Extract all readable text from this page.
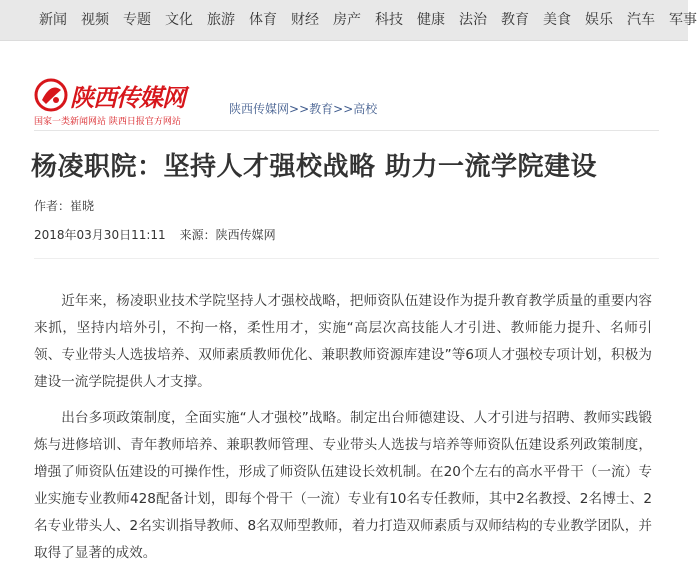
新闻 视频 专题 文化 旅游 体育 财经 房产 科技 健康 法治 教育 美食 娱乐 汽车 军事
陕西传媒网
国家一类新闻网站 陕西日报官方网站
陕西传媒网>>教育>>高校
杨凌职院：坚持人才强校战略 助力一流学院建设
作者：崔晓
2018年03月30日11:11 来源：陕西传媒网

近年来，杨凌职业技术学院坚持人才强校战略，把师资队伍建设作为提升教育教学质量的重要内容来抓，坚持内培外引，不拘一格，柔性用才，实施“高层次高技能人才引进、教师能力提升、名师引领、专业带头人选拔培养、双师素质教师优化、兼职教师资源库建设”等6项人才强校专项计划，积极为建设一流学院提供人才支撑。

出台多项政策制度，全面实施“人才强校”战略。制定出台师德建设、人才引进与招聘、教师实践锻炼与进修培训、青年教师培养、兼职教师管理、专业带头人选拔与培养等师资队伍建设系列政策制度，增强了师资队伍建设的可操作性，形成了师资队伍建设长效机制。在20个左右的高水平骨干（一流）专业实施专业教师428配备计划，即每个骨干（一流）专业有10名专任教师，其中2名教授、2名博士、2名专业带头人、2名实训指导教师、8名双师型教师，着力打造双师素质与双师结构的专业教学团队，并取得了显著的成效。
